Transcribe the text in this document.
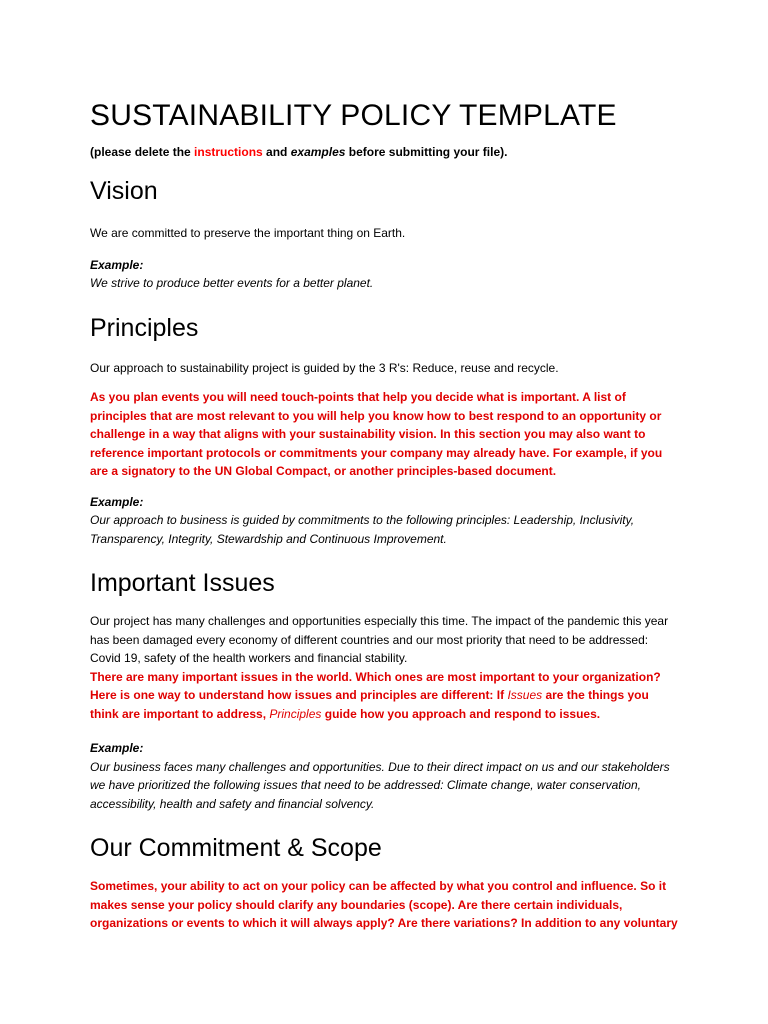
SUSTAINABILITY POLICY TEMPLATE

(please delete the instructions and examples before submitting your file).

Vision

We are committed to preserve the important thing on Earth.

Example:

We strive to produce better events for a better planet.

Principles

Our approach to sustainability project is guided by the 3 R's: Reduce, reuse and recycle.

As you plan events you will need touch-points that help you decide what is important. A list of principles that are most relevant to you will help you know how to best respond to an opportunity or challenge in a way that aligns with your sustainability vision. In this section you may also want to reference important protocols or commitments your company may already have. For example, if you are a signatory to the UN Global Compact, or another principles-based document.

Example:

Our approach to business is guided by commitments to the following principles: Leadership, Inclusivity, Transparency, Integrity, Stewardship and Continuous Improvement.

Important Issues

Our project has many challenges and opportunities especially this time. The impact of the pandemic this year has been damaged every economy of different countries and our most priority that need to be addressed: Covid 19, safety of the health workers and financial stability.

There are many important issues in the world. Which ones are most important to your organization? Here is one way to understand how issues and principles are different: If Issues are the things you think are important to address, Principles guide how you approach and respond to issues.

Example:

Our business faces many challenges and opportunities. Due to their direct impact on us and our stakeholders we have prioritized the following issues that need to be addressed: Climate change, water conservation, accessibility, health and safety and financial solvency.

Our Commitment & Scope

Sometimes, your ability to act on your policy can be affected by what you control and influence. So it makes sense your policy should clarify any boundaries (scope). Are there certain individuals, organizations or events to which it will always apply? Are there variations? In addition to any voluntary
